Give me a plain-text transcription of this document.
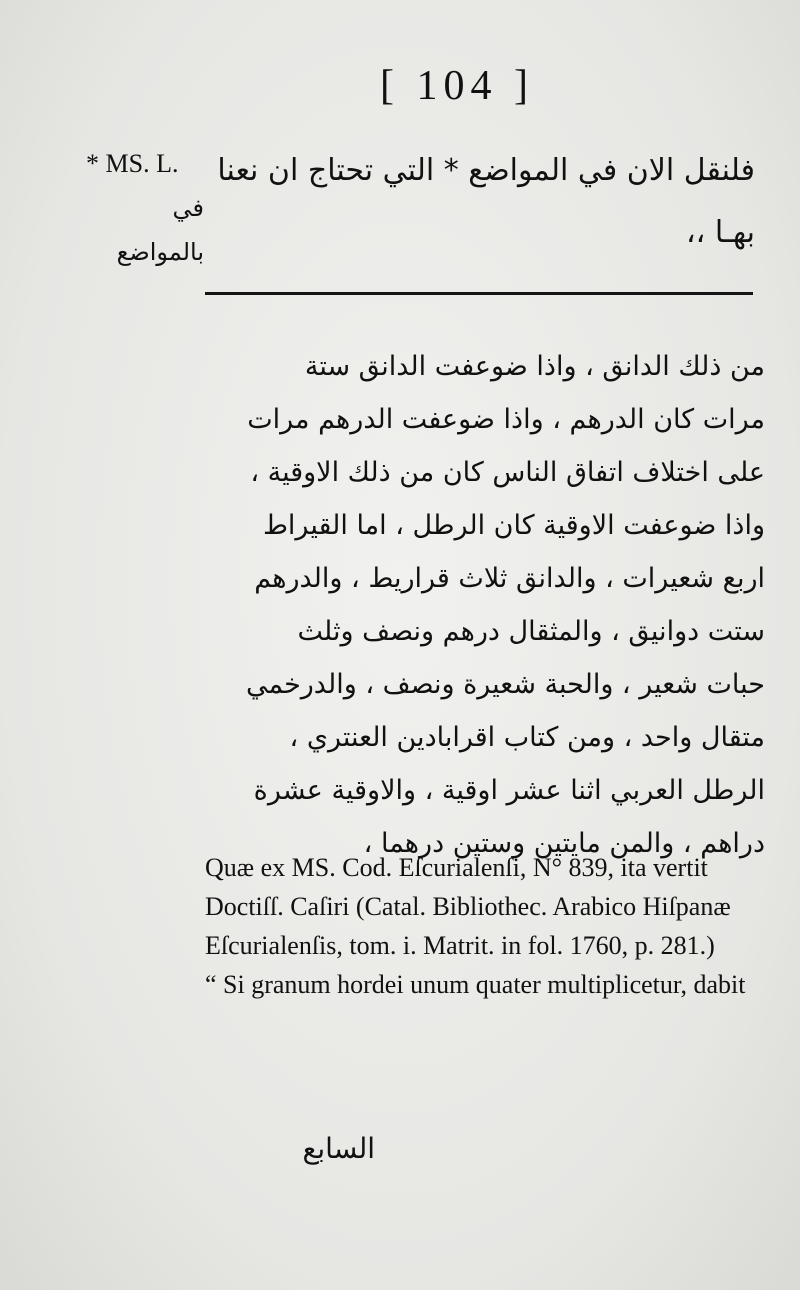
[ 104 ]
* MS. L.
في بالمواضع
فلنقل الان في المواضع * التي تحتاج ان نعنا
بهـا ،،
من ذلك الدانق ، واذا ضوعفت الدانق ستة
مرات كان الدرهم ، واذا ضوعفت الدرهم مرات
على اختلاف اتفاق الناس كان من ذلك الاوقية ،
واذا ضوعفت الاوقية كان الرطل ، اما القيراط
اربع شعيرات ، والدانق ثلاث قراريط ، والدرهم
ستت دوانيق ، والمثقال درهم ونصف وثلث
حبات شعير ، والحبة شعيرة ونصف ، والدرخمي
متقال واحد ، ومن كتاب اقرابادين العنتري ،
الرطل العربي اثنا عشر اوقية ، والاوقية عشرة
دراهم ، والمن مايتين وستين درهما ،
Quæ ex MS. Cod. Eſcurialenſi, N° 839, ita vertit
Doctiſſ. Caſiri (Catal. Bibliothec. Arabico Hiſpanæ
Eſcurialenſis, tom. i. Matrit. in fol. 1760, p. 281.)
“ Si granum hordei unum quater multiplicetur, dabit
السابع
